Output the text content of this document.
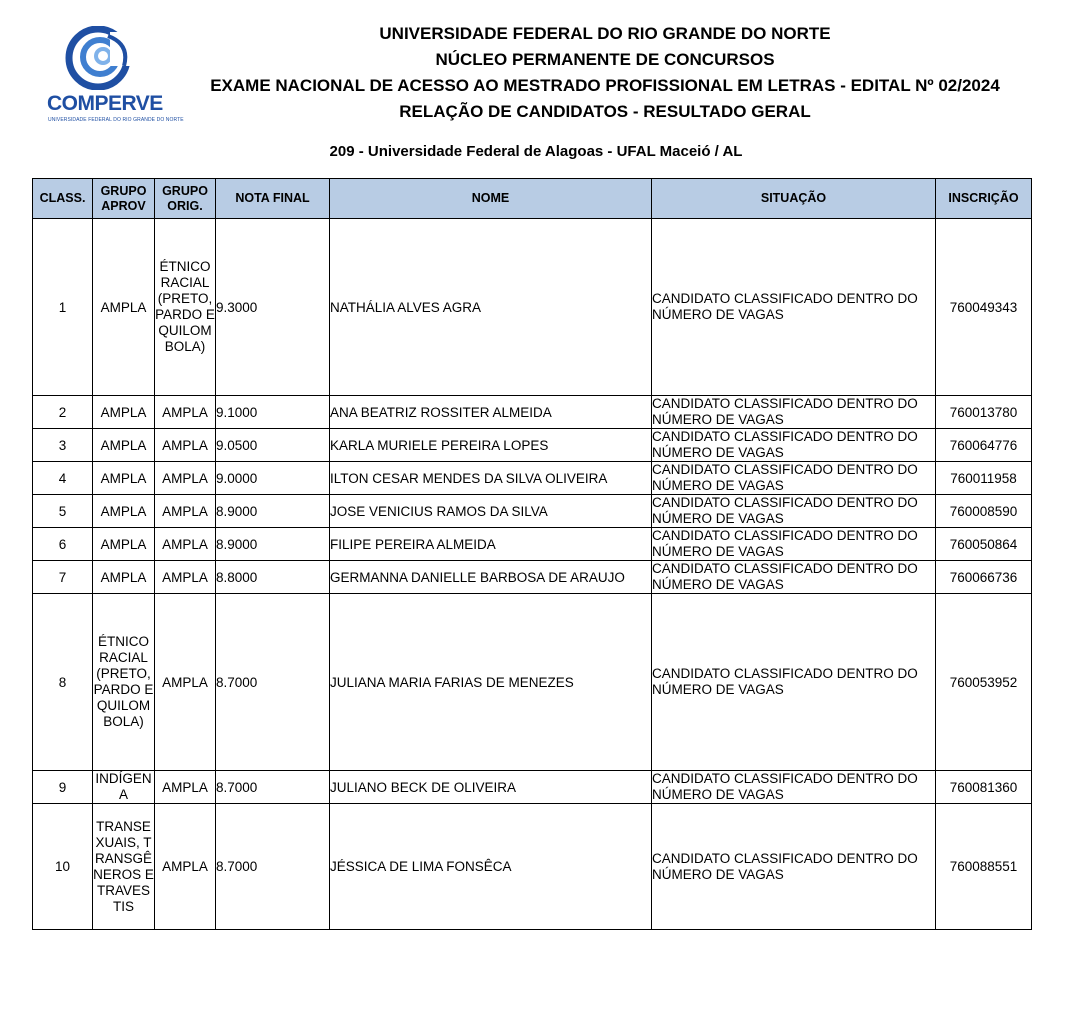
COMPERVE
UNIVERSIDADE FEDERAL DO RIO GRANDE DO NORTE
UNIVERSIDADE FEDERAL DO RIO GRANDE DO NORTE
NÚCLEO PERMANENTE DE CONCURSOS
EXAME NACIONAL DE ACESSO AO MESTRADO PROFISSIONAL EM LETRAS - EDITAL Nº 02/2024
RELAÇÃO DE CANDIDATOS - RESULTADO GERAL
209 - Universidade Federal de Alagoas - UFAL Maceió / AL
CLASS.	GRUPO APROV	GRUPO ORIG.	NOTA FINAL	NOME	SITUAÇÃO	INSCRIÇÃO
1	AMPLA	ÉTNICO RACIAL (PRETO, PARDO E QUILOMBOLA)	9.3000	NATHÁLIA ALVES AGRA	CANDIDATO CLASSIFICADO DENTRO DO NÚMERO DE VAGAS	760049343
2	AMPLA	AMPLA	9.1000	ANA BEATRIZ ROSSITER ALMEIDA	CANDIDATO CLASSIFICADO DENTRO DO NÚMERO DE VAGAS	760013780
3	AMPLA	AMPLA	9.0500	KARLA MURIELE PEREIRA LOPES	CANDIDATO CLASSIFICADO DENTRO DO NÚMERO DE VAGAS	760064776
4	AMPLA	AMPLA	9.0000	ILTON CESAR MENDES DA SILVA OLIVEIRA	CANDIDATO CLASSIFICADO DENTRO DO NÚMERO DE VAGAS	760011958
5	AMPLA	AMPLA	8.9000	JOSE VENICIUS RAMOS DA SILVA	CANDIDATO CLASSIFICADO DENTRO DO NÚMERO DE VAGAS	760008590
6	AMPLA	AMPLA	8.9000	FILIPE PEREIRA ALMEIDA	CANDIDATO CLASSIFICADO DENTRO DO NÚMERO DE VAGAS	760050864
7	AMPLA	AMPLA	8.8000	GERMANNA DANIELLE BARBOSA DE ARAUJO	CANDIDATO CLASSIFICADO DENTRO DO NÚMERO DE VAGAS	760066736
8	ÉTNICO RACIAL (PRETO, PARDO E QUILOMBOLA)	AMPLA	8.7000	JULIANA MARIA FARIAS DE MENEZES	CANDIDATO CLASSIFICADO DENTRO DO NÚMERO DE VAGAS	760053952
9	INDÍGENA	AMPLA	8.7000	JULIANO BECK DE OLIVEIRA	CANDIDATO CLASSIFICADO DENTRO DO NÚMERO DE VAGAS	760081360
10	TRANSEXUAIS, TRANSGÊNEROS E TRAVESTIS	AMPLA	8.7000	JÉSSICA DE LIMA FONSÊCA	CANDIDATO CLASSIFICADO DENTRO DO NÚMERO DE VAGAS	760088551
